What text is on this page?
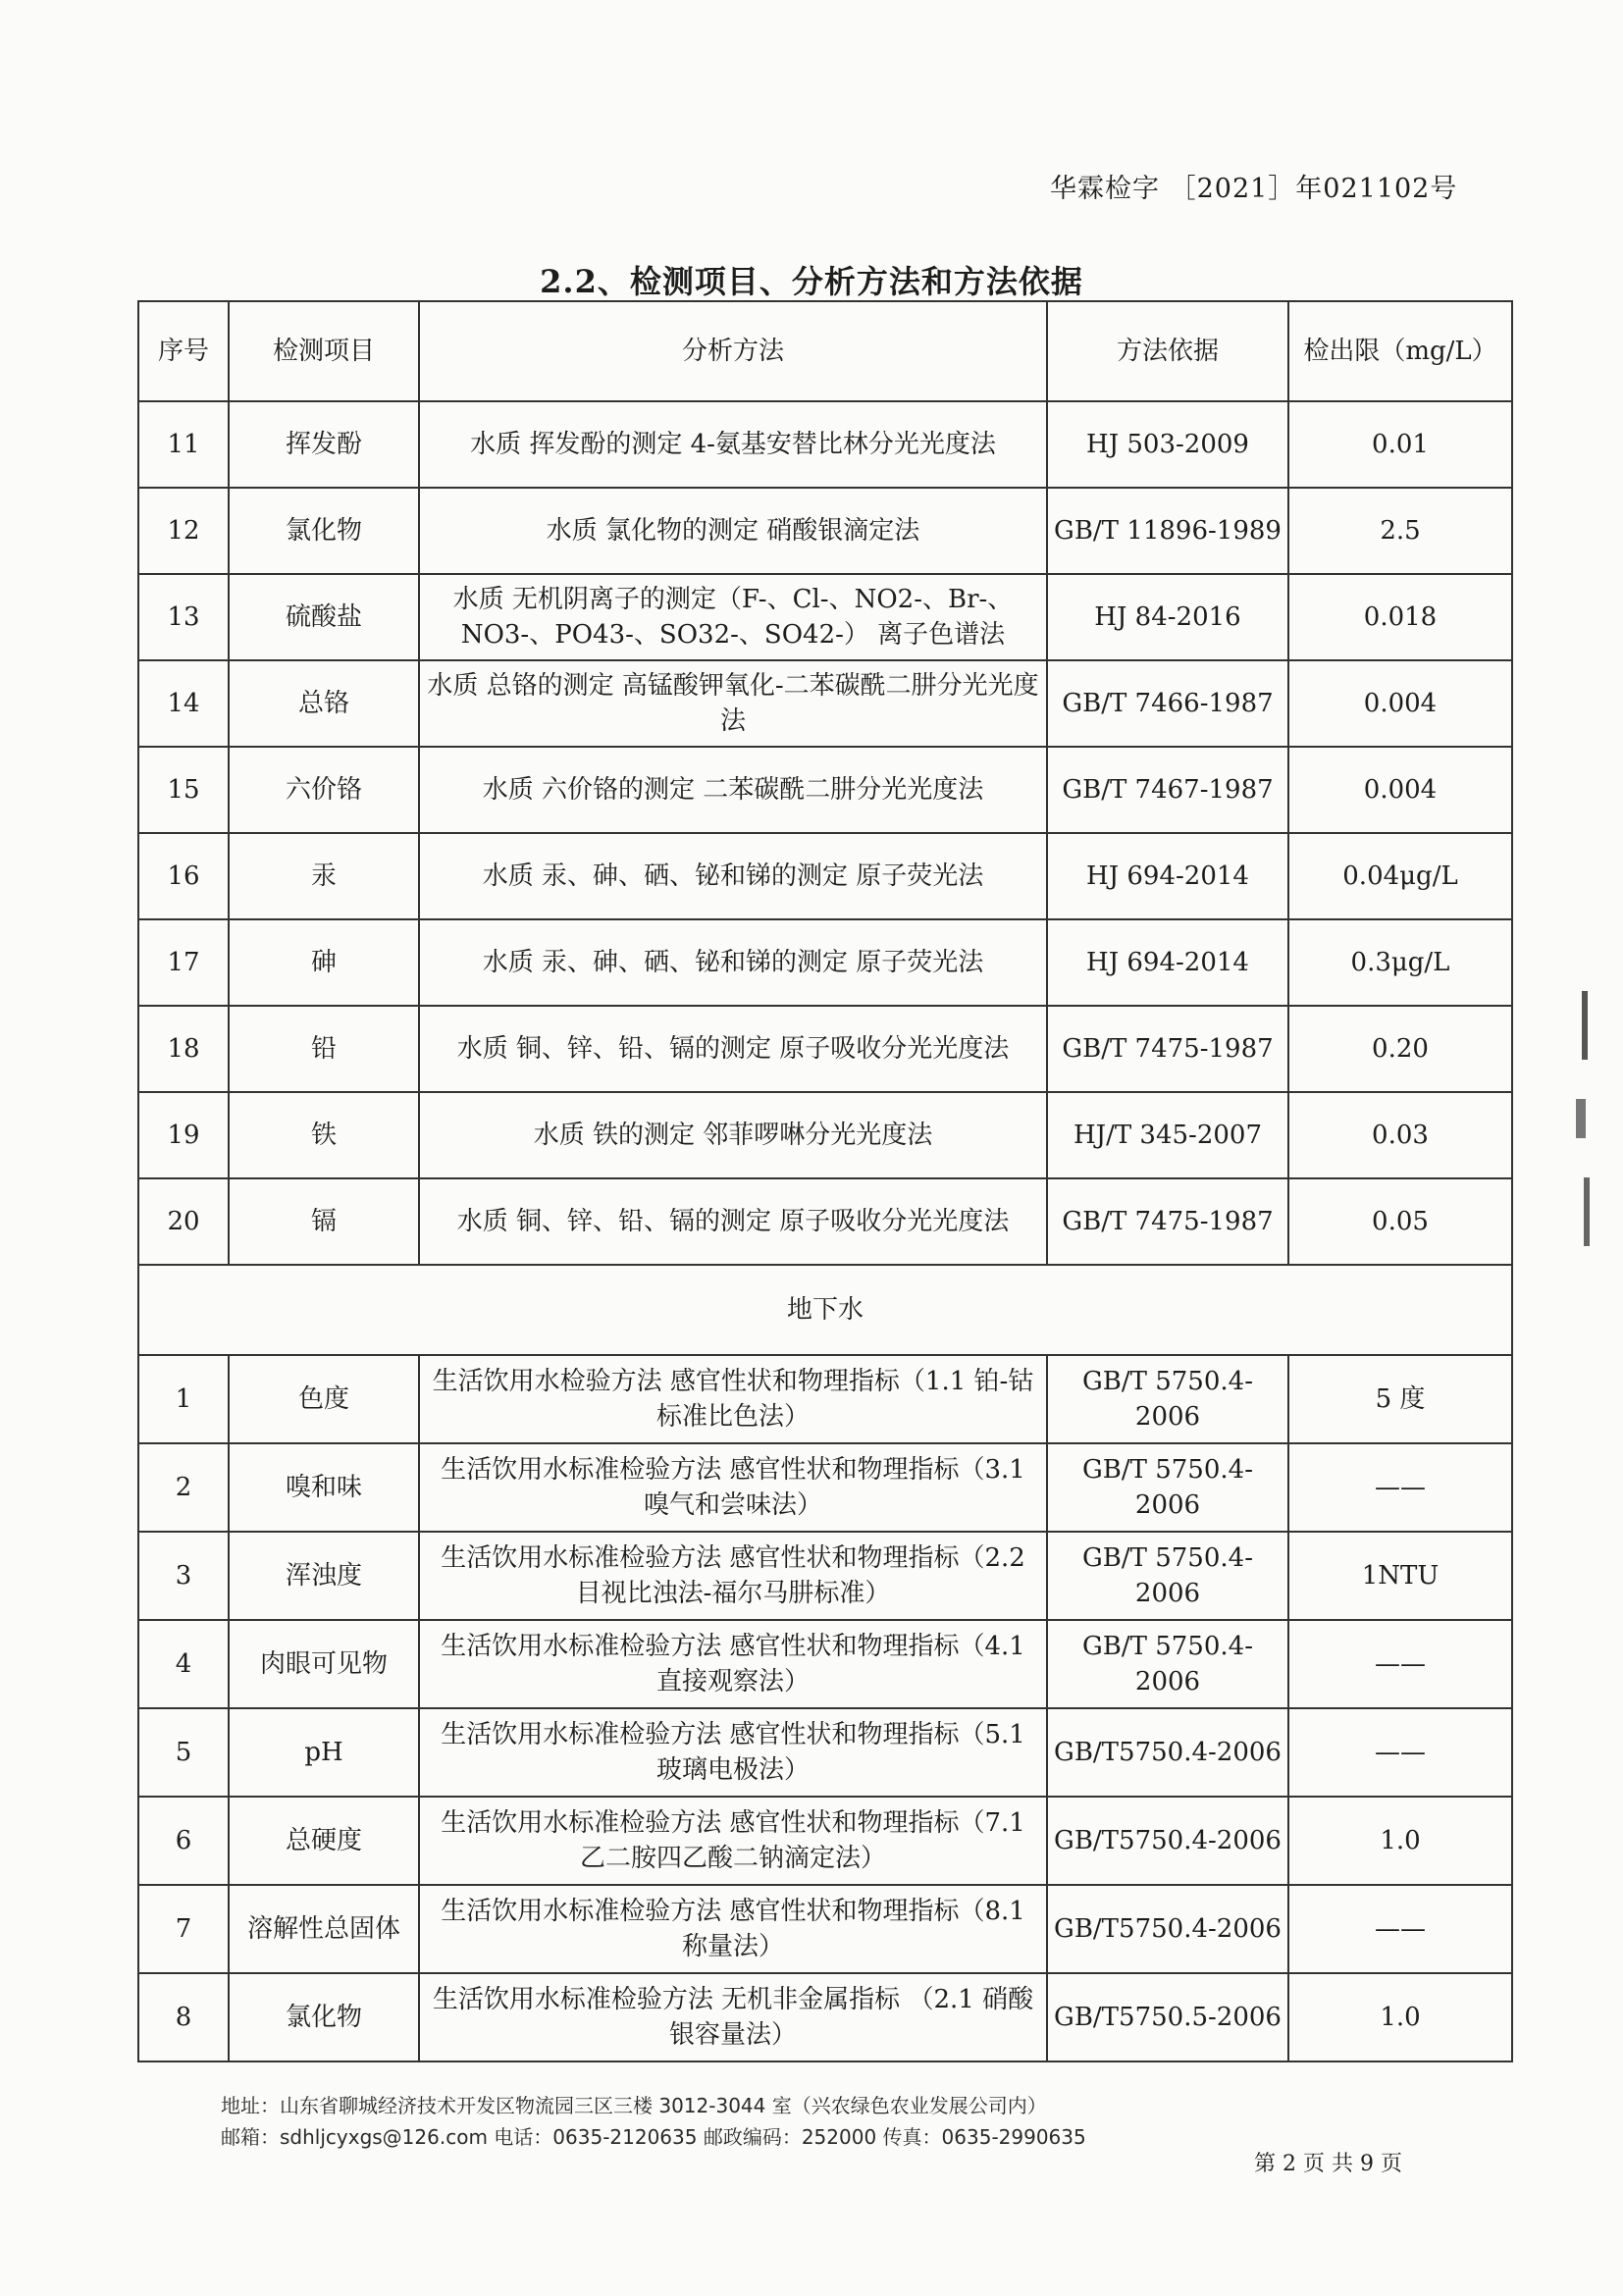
华霖检字 ［2021］年021102号
2.2、检测项目、分析方法和方法依据
序号	检测项目	分析方法	方法依据	检出限（mg/L）
11	挥发酚	水质 挥发酚的测定 4-氨基安替比林分光光度法	HJ 503-2009	0.01
12	氯化物	水质 氯化物的测定 硝酸银滴定法	GB/T 11896-1989	2.5
13	硫酸盐	水质 无机阴离子的测定（F-、Cl-、NO2-、Br-、NO3-、PO43-、SO32-、SO42-） 离子色谱法	HJ 84-2016	0.018
14	总铬	水质 总铬的测定 高锰酸钾氧化-二苯碳酰二肼分光光度法	GB/T 7466-1987	0.004
15	六价铬	水质 六价铬的测定 二苯碳酰二肼分光光度法	GB/T 7467-1987	0.004
16	汞	水质 汞、砷、硒、铋和锑的测定 原子荧光法	HJ 694-2014	0.04μg/L
17	砷	水质 汞、砷、硒、铋和锑的测定 原子荧光法	HJ 694-2014	0.3μg/L
18	铅	水质 铜、锌、铅、镉的测定 原子吸收分光光度法	GB/T 7475-1987	0.20
19	铁	水质 铁的测定 邻菲啰啉分光光度法	HJ/T 345-2007	0.03
20	镉	水质 铜、锌、铅、镉的测定 原子吸收分光光度法	GB/T 7475-1987	0.05
地下水				
1	色度	生活饮用水检验方法 感官性状和物理指标（1.1 铂-钴标准比色法）	GB/T 5750.4-2006	5 度
2	嗅和味	生活饮用水标准检验方法 感官性状和物理指标（3.1 嗅气和尝味法）	GB/T 5750.4-2006	——
3	浑浊度	生活饮用水标准检验方法 感官性状和物理指标（2.2 目视比浊法-福尔马肼标准）	GB/T 5750.4-2006	1NTU
4	肉眼可见物	生活饮用水标准检验方法 感官性状和物理指标（4.1 直接观察法）	GB/T 5750.4-2006	——
5	pH	生活饮用水标准检验方法 感官性状和物理指标（5.1 玻璃电极法）	GB/T5750.4-2006	——
6	总硬度	生活饮用水标准检验方法 感官性状和物理指标（7.1 乙二胺四乙酸二钠滴定法）	GB/T5750.4-2006	1.0
7	溶解性总固体	生活饮用水标准检验方法 感官性状和物理指标（8.1 称量法）	GB/T5750.4-2006	——
8	氯化物	生活饮用水标准检验方法 无机非金属指标 （2.1 硝酸银容量法）	GB/T5750.5-2006	1.0
地址：山东省聊城经济技术开发区物流园三区三楼 3012-3044 室（兴农绿色农业发展公司内）
邮箱：sdhljcyxgs@126.com 电话：0635-2120635 邮政编码：252000 传真：0635-2990635
第 2 页 共 9 页
